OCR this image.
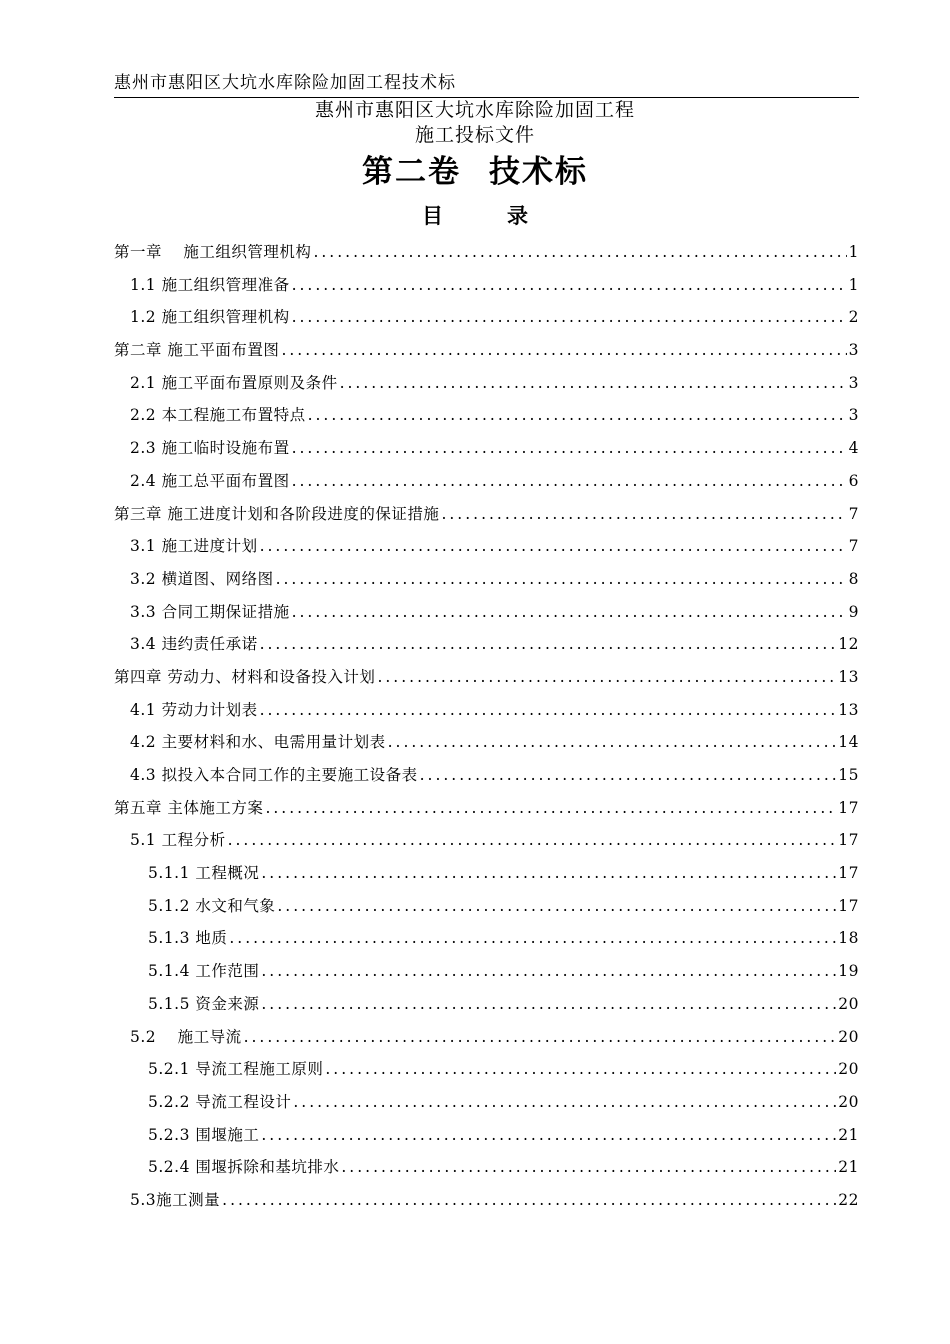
惠州市惠阳区大坑水库除险加固工程技术标
惠州市惠阳区大坑水库除险加固工程
施工投标文件
第二卷 技术标
目	录
第一章　 施工组织管理机构 .....	1
1.1 施工组织管理准备 .....	1
1.2 施工组织管理机构 .....	2
第二章 施工平面布置图 .....	3
2.1 施工平面布置原则及条件 .....	3
2.2 本工程施工布置特点 .....	3
2.3 施工临时设施布置 .....	4
2.4 施工总平面布置图 .....	6
第三章 施工进度计划和各阶段进度的保证措施 .....	7
3.1 施工进度计划 .....	7
3.2 横道图、网络图 .....	8
3.3 合同工期保证措施 .....	9
3.4 违约责任承诺 .....	12
第四章 劳动力、材料和设备投入计划 .....	13
4.1 劳动力计划表 .....	13
4.2 主要材料和水、电需用量计划表 .....	14
4.3 拟投入本合同工作的主要施工设备表 .....	15
第五章 主体施工方案 .....	17
5.1 工程分析 .....	17
5.1.1 工程概况 .....	17
5.1.2 水文和气象 .....	17
5.1.3 地质 .....	18
5.1.4 工作范围 .....	19
5.1.5 资金来源 .....	20
5.2　 施工导流 .....	20
5.2.1 导流工程施工原则 .....	20
5.2.2 导流工程设计 .....	20
5.2.3 围堰施工 .....	21
5.2.4 围堰拆除和基坑排水 .....	21
5.3施工测量 .....	22
